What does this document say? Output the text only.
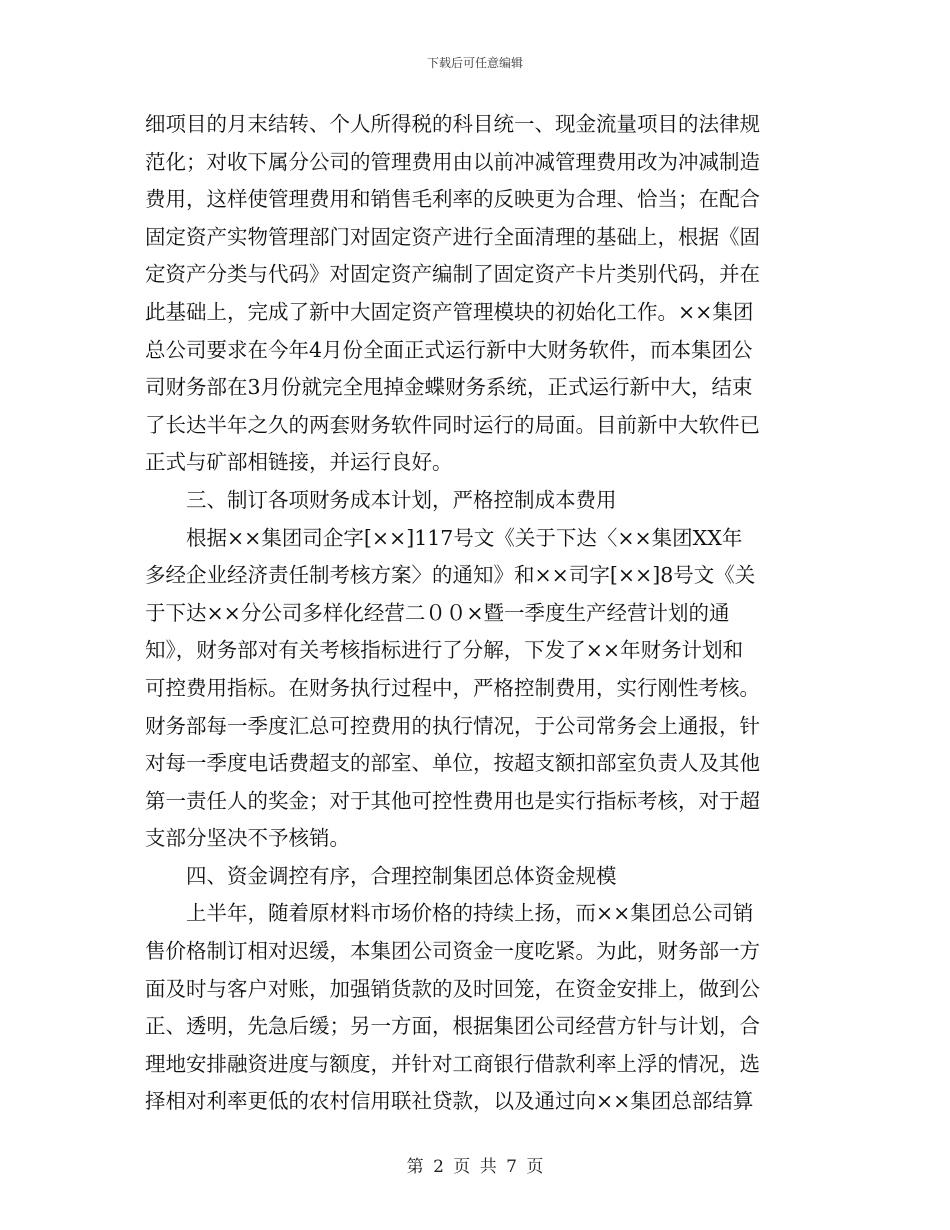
下载后可任意编辑

细项目的月末结转、个人所得税的科目统一、现金流量项目的法律规

范化；对收下属分公司的管理费用由以前冲减管理费用改为冲减制造

费用，这样使管理费用和销售毛利率的反映更为合理、恰当；在配合

固定资产实物管理部门对固定资产进行全面清理的基础上，根据《固

定资产分类与代码》对固定资产编制了固定资产卡片类别代码，并在

此基础上，完成了新中大固定资产管理模块的初始化工作。××集团

总公司要求在今年4月份全面正式运行新中大财务软件，而本集团公

司财务部在3月份就完全甩掉金蝶财务系统，正式运行新中大，结束

了长达半年之久的两套财务软件同时运行的局面。目前新中大软件已

正式与矿部相链接，并运行良好。

　　三、制订各项财务成本计划，严格控制成本费用

　　根据××集团司企字[××]117号文《关于下达〈××集团XX年

多经企业经济责任制考核方案〉的通知》和××司字[××]8号文《关

于下达××分公司多样化经营二００×暨一季度生产经营计划的通

知》，财务部对有关考核指标进行了分解，下发了××年财务计划和

可控费用指标。在财务执行过程中，严格控制费用，实行刚性考核。

财务部每一季度汇总可控费用的执行情况，于公司常务会上通报，针

对每一季度电话费超支的部室、单位，按超支额扣部室负责人及其他

第一责任人的奖金；对于其他可控性费用也是实行指标考核，对于超

支部分坚决不予核销。

　　四、资金调控有序，合理控制集团总体资金规模

　　上半年，随着原材料市场价格的持续上扬，而××集团总公司销

售价格制订相对迟缓，本集团公司资金一度吃紧。为此，财务部一方

面及时与客户对账，加强销货款的及时回笼，在资金安排上，做到公

正、透明，先急后缓；另一方面，根据集团公司经营方针与计划，合

理地安排融资进度与额度，并针对工商银行借款利率上浮的情况，选

择相对利率更低的农村信用联社贷款，以及通过向××集团总部结算

第 2 页 共 7 页
